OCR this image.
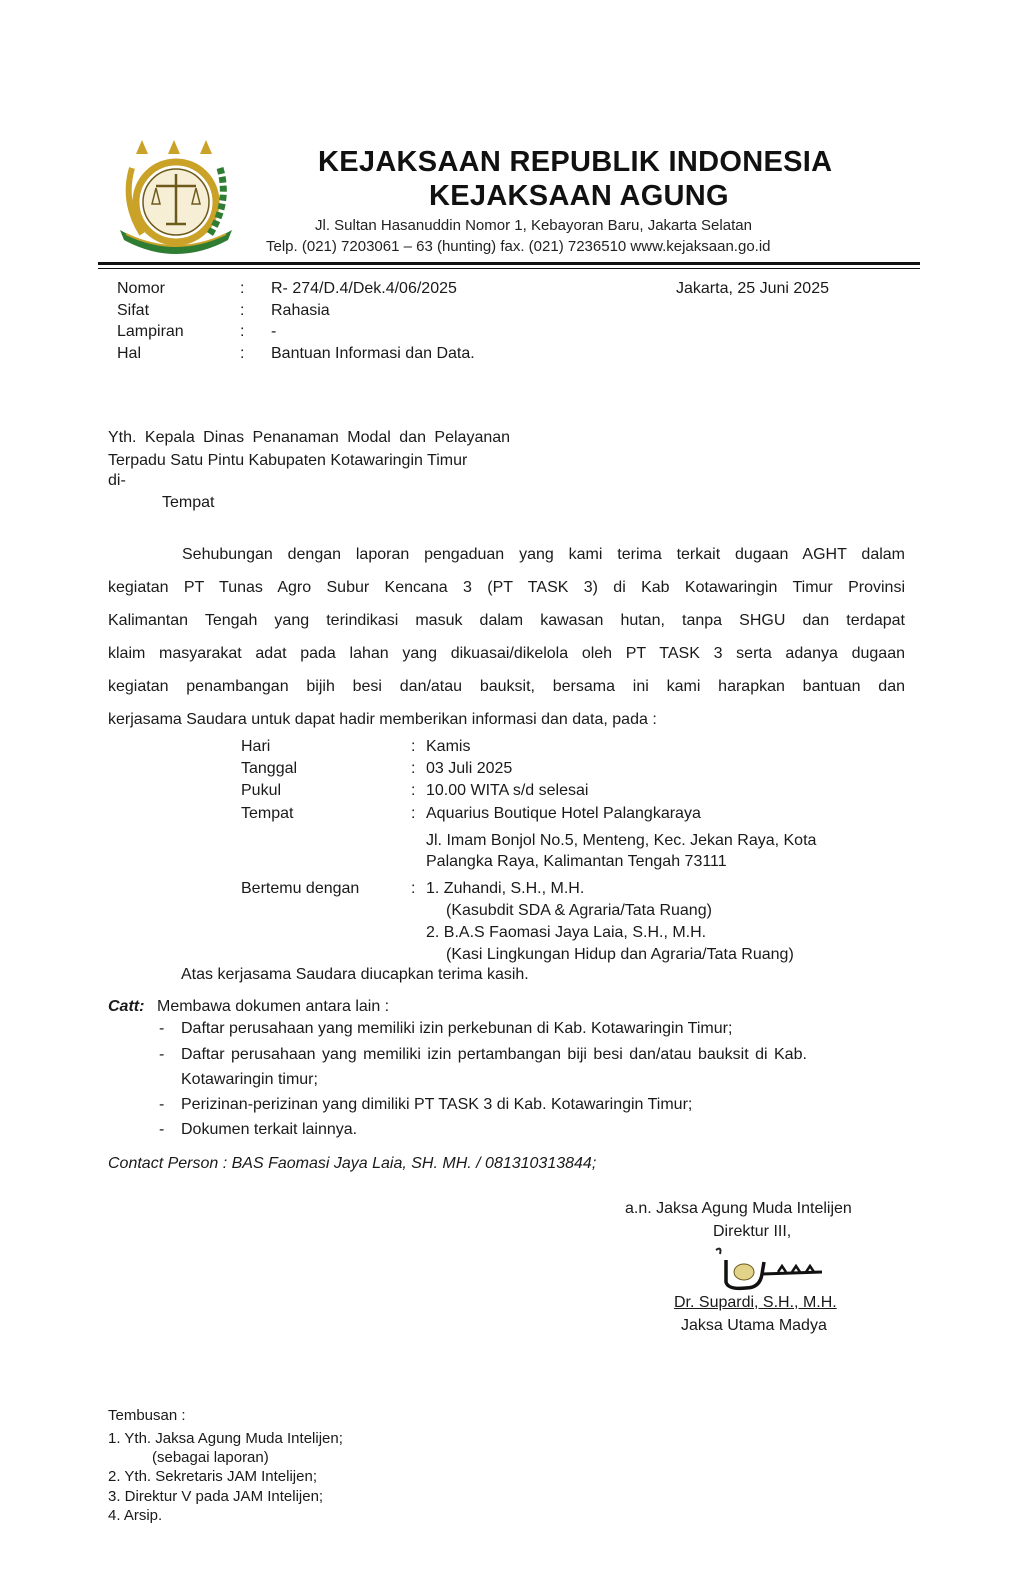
KEJAKSAAN REPUBLIK INDONESIA
KEJAKSAAN AGUNG
Jl. Sultan Hasanuddin Nomor 1, Kebayoran Baru, Jakarta Selatan
Telp. (021) 7203061 – 63 (hunting) fax. (021) 7236510 www.kejaksaan.go.id
Nomor	: R- 274/D.4/Dek.4/06/2025
Sifat	: Rahasia
Lampiran	: -
Hal	: Bantuan Informasi dan Data.
Jakarta, 25 Juni 2025
Yth. Kepala Dinas Penanaman Modal dan Pelayanan
Terpadu Satu Pintu Kabupaten Kotawaringin Timur
di-
Tempat

Sehubungan dengan laporan pengaduan yang kami terima terkait dugaan AGHT dalam

kegiatan PT Tunas Agro Subur Kencana 3 (PT TASK 3) di Kab Kotawaringin Timur Provinsi

Kalimantan Tengah yang terindikasi masuk dalam kawasan hutan, tanpa SHGU dan terdapat

klaim masyarakat adat pada lahan yang dikuasai/dikelola oleh PT TASK 3 serta adanya dugaan

kegiatan penambangan bijih besi dan/atau bauksit, bersama ini kami harapkan bantuan dan

kerjasama Saudara untuk dapat hadir memberikan informasi dan data, pada :

Hari	: Kamis
Tanggal	: 03 Juli 2025
Pukul	: 10.00 WITA s/d selesai
Tempat	: Aquarius Boutique Hotel Palangkaraya
Jl. Imam Bonjol No.5, Menteng, Kec. Jekan Raya, Kota
Palangka Raya, Kalimantan Tengah 73111
Bertemu dengan	: 1. Zuhandi, S.H., M.H.
(Kasubdit SDA & Agraria/Tata Ruang)
2. B.A.S Faomasi Jaya Laia, S.H., M.H.
(Kasi Lingkungan Hidup dan Agraria/Tata Ruang)
Atas kerjasama Saudara diucapkan terima kasih.
Catt: Membawa dokumen antara lain :
- Daftar perusahaan yang memiliki izin perkebunan di Kab. Kotawaringin Timur;
- Daftar perusahaan yang memiliki izin pertambangan biji besi dan/atau bauksit di Kab.
Kotawaringin timur;
- Perizinan-perizinan yang dimiliki PT TASK 3 di Kab. Kotawaringin Timur;
- Dokumen terkait lainnya.
Contact Person : BAS Faomasi Jaya Laia, SH. MH. / 081310313844;
a.n. Jaksa Agung Muda Intelijen
Direktur III,
Dr. Supardi, S.H., M.H.
Jaksa Utama Madya
Tembusan :
1. Yth. Jaksa Agung Muda Intelijen;
(sebagai laporan)
2. Yth. Sekretaris JAM Intelijen;
3. Direktur V pada JAM Intelijen;
4. Arsip.
